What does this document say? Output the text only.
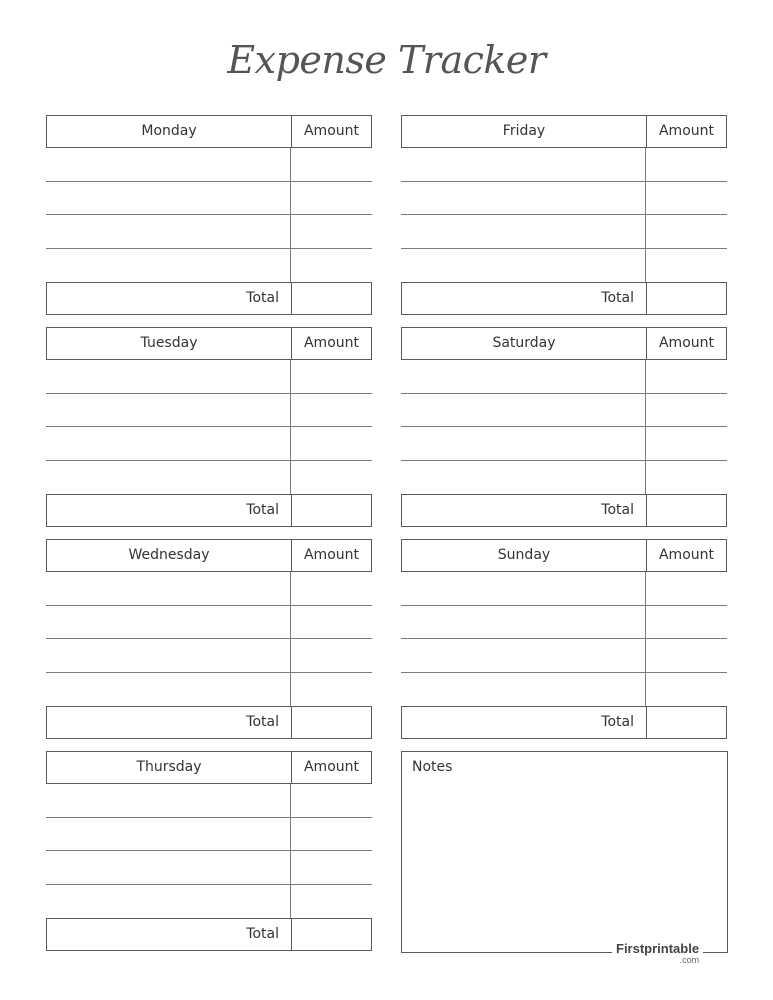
Expense Tracker
Monday	Amount
Total
Tuesday	Amount
Total
Wednesday	Amount
Total
Thursday	Amount
Total
Friday	Amount
Total
Saturday	Amount
Total
Sunday	Amount
Total
Notes
Firstprintable
.com
